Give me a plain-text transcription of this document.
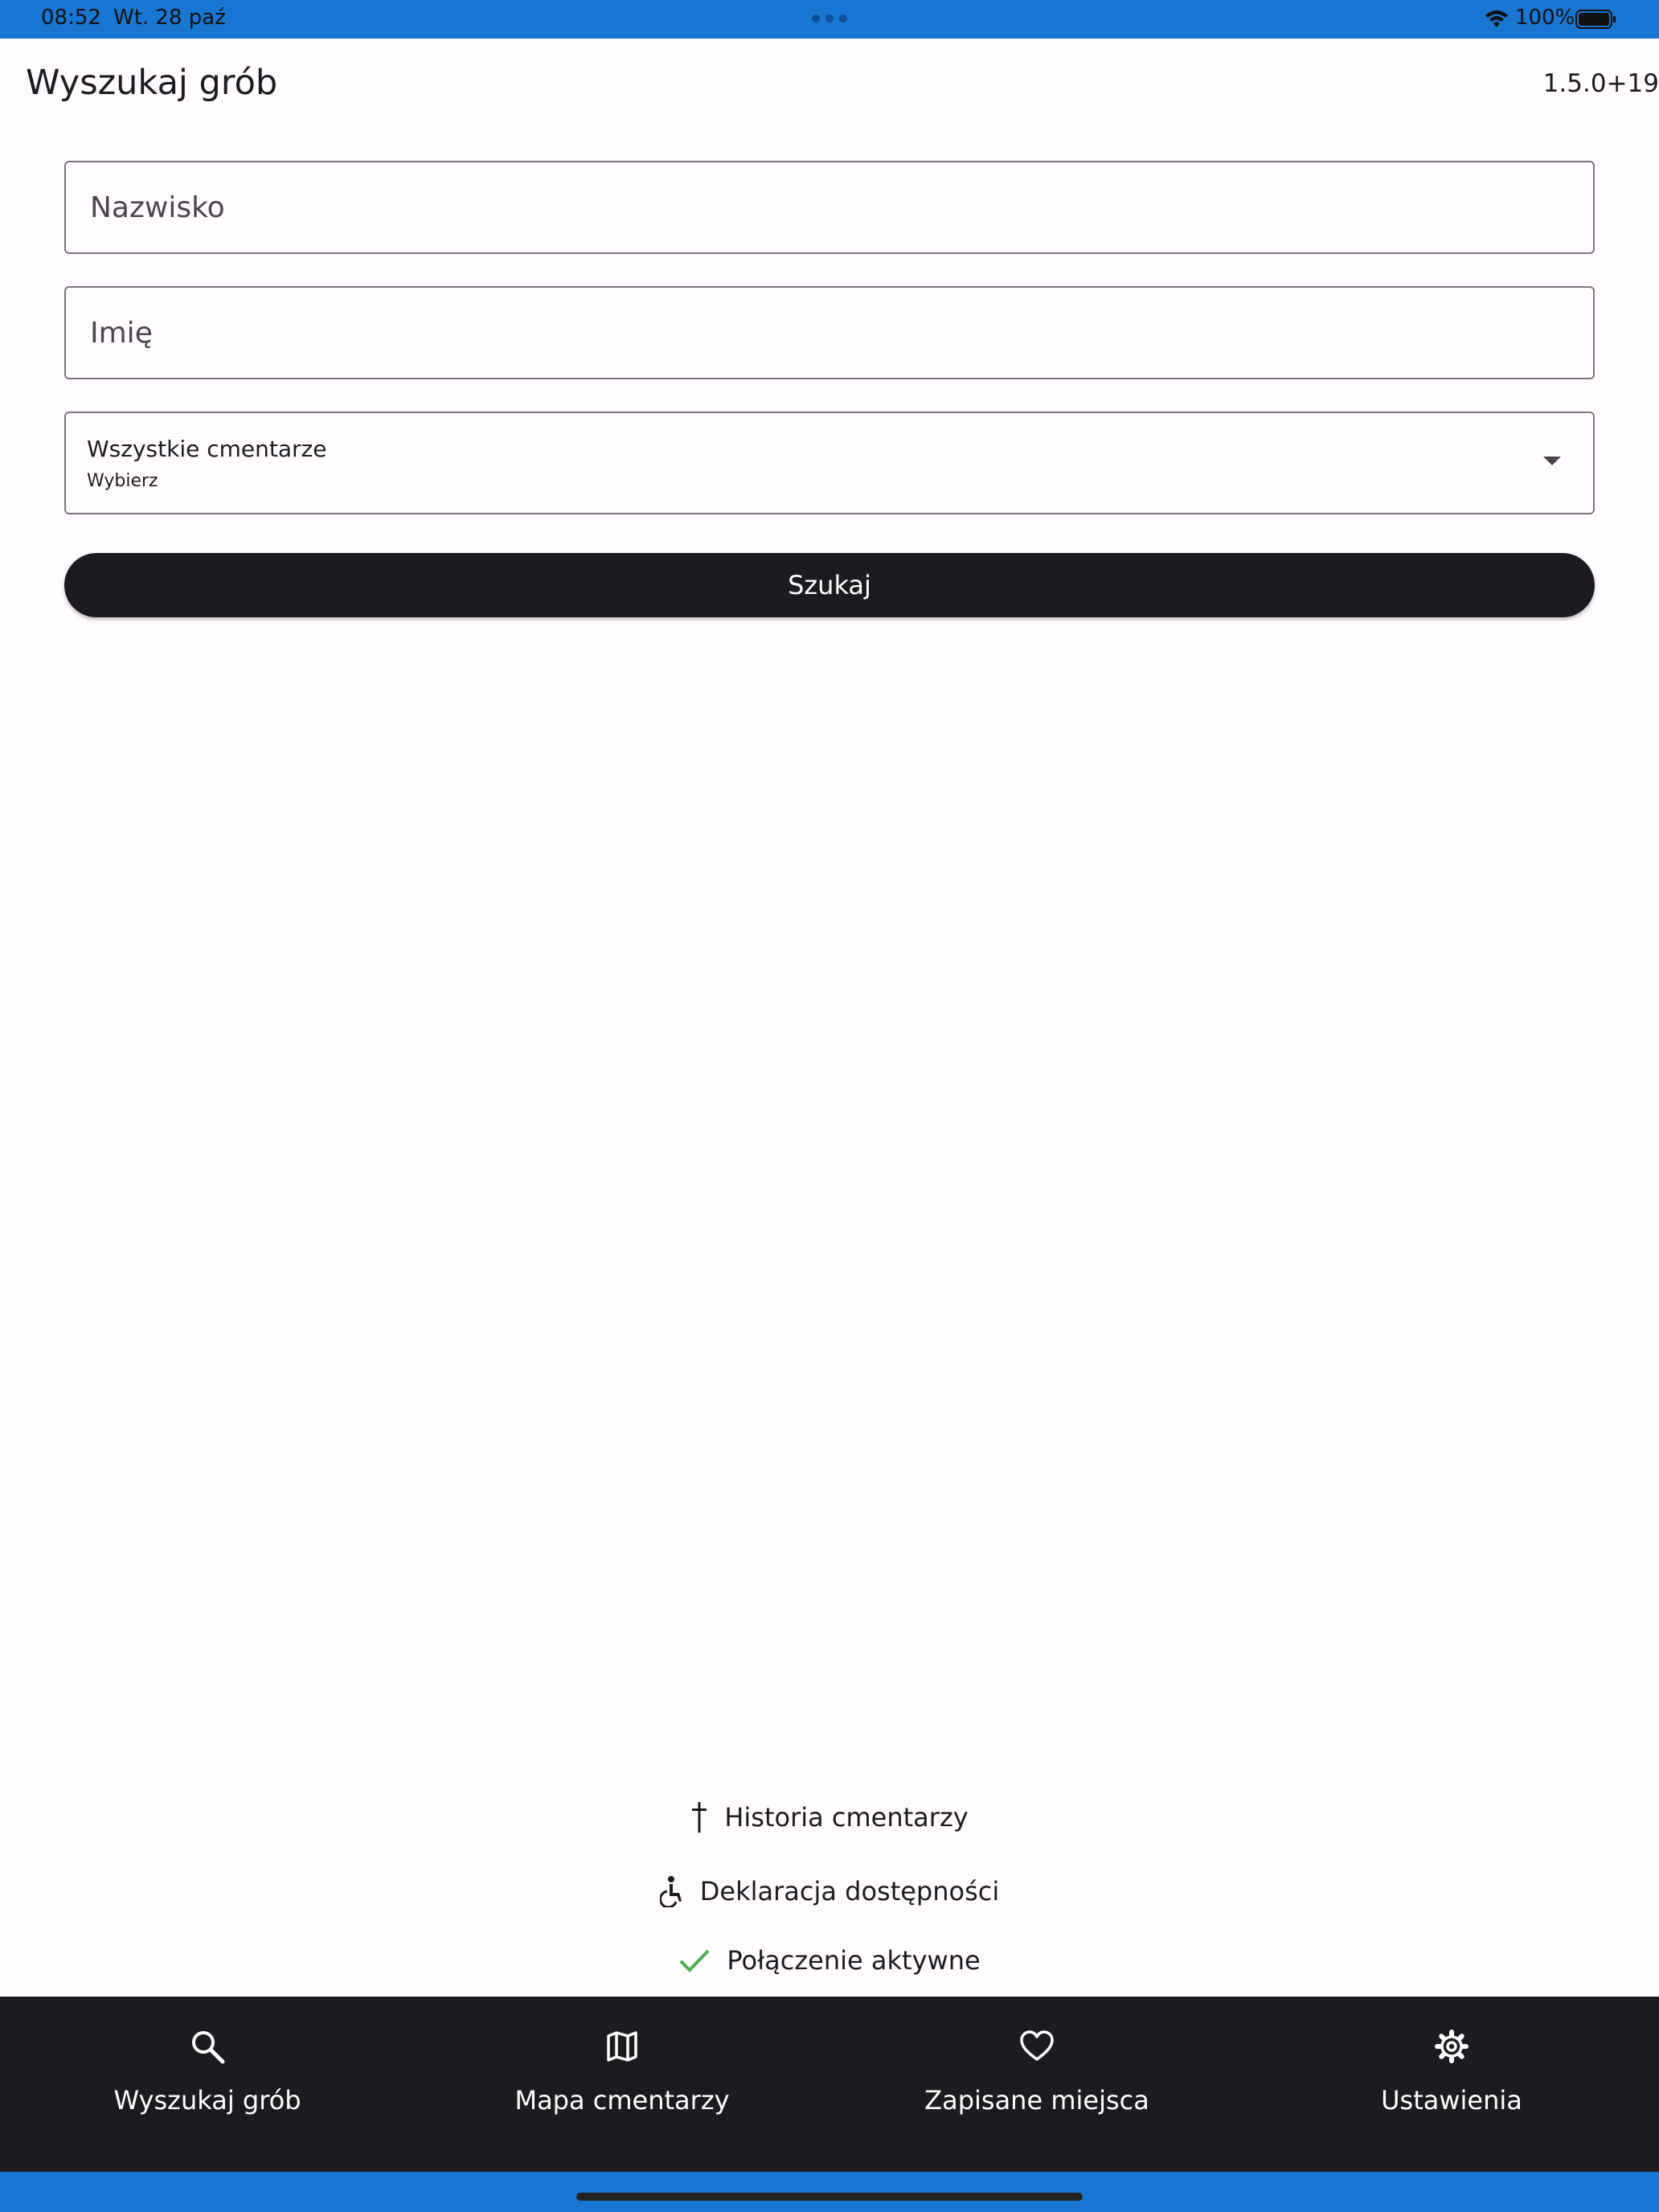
08:52 Wt. 28 paź	100%
Wyszukaj grób	1.5.0+19
Nazwisko
Imię
Wszystkie cmentarze
Wybierz
Szukaj
Historia cmentarzy
Deklaracja dostępności
Połączenie aktywne
Wyszukaj grób	Mapa cmentarzy	Zapisane miejsca	Ustawienia
